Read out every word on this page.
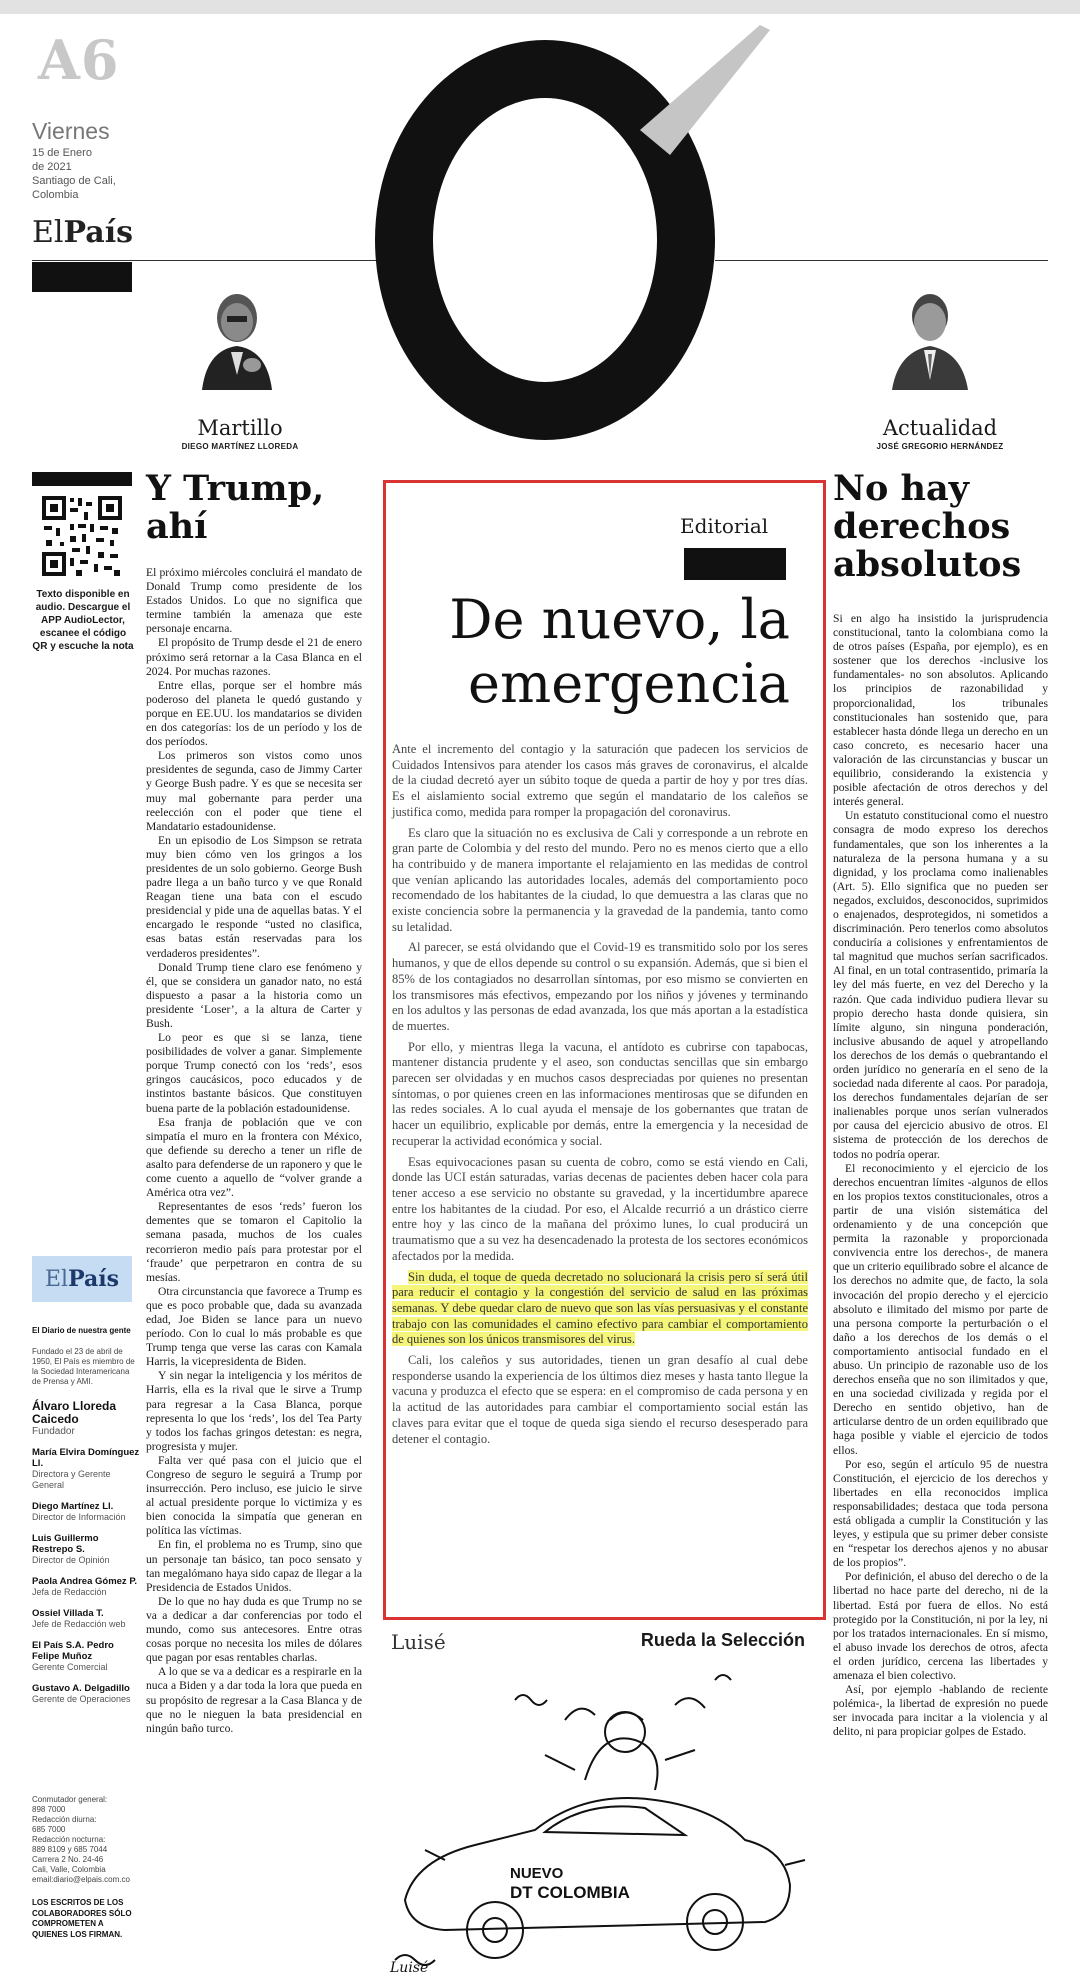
A6
Viernes
15 de Enero
de 2021
Santiago de Cali,
Colombia
ElPaís
Martillo
DIEGO MARTÍNEZ LLOREDA
Actualidad
JOSÉ GREGORIO HERNÁNDEZ
Texto disponible en audio. Descargue el APP AudioLector, escanee el código QR y escuche la nota
Y Trump,
ahí

El próximo miércoles concluirá el mandato de Donald Trump como presidente de los Estados Unidos. Lo que no significa que termine también la amenaza que este personaje encarna.

El propósito de Trump desde el 21 de enero próximo será retornar a la Casa Blanca en el 2024. Por muchas razones.

Entre ellas, porque ser el hombre más poderoso del planeta le quedó gustando y porque en EE.UU. los mandatarios se dividen en dos categorías: los de un período y los de dos períodos.

Los primeros son vistos como unos presidentes de segunda, caso de Jimmy Carter y George Bush padre. Y es que se necesita ser muy mal gobernante para perder una reelección con el poder que tiene el Mandatario estadounidense.

En un episodio de Los Simpson se retrata muy bien cómo ven los gringos a los presidentes de un solo gobierno. George Bush padre llega a un baño turco y ve que Ronald Reagan tiene una bata con el escudo presidencial y pide una de aquellas batas. Y el encargado le responde “usted no clasifica, esas batas están reservadas para los verdaderos presidentes”.

Donald Trump tiene claro ese fenómeno y él, que se considera un ganador nato, no está dispuesto a pasar a la historia como un presidente ‘Loser’, a la altura de Carter y Bush.

Lo peor es que si se lanza, tiene posibilidades de volver a ganar. Simplemente porque Trump conectó con los ‘reds’, esos gringos caucásicos, poco educados y de instintos bastante básicos. Que constituyen buena parte de la población estadounidense.

Esa franja de población que ve con simpatía el muro en la frontera con México, que defiende su derecho a tener un rifle de asalto para defenderse de un raponero y que le come cuento a aquello de “volver grande a América otra vez”.

Representantes de esos ‘reds’ fueron los dementes que se tomaron el Capitolio la semana pasada, muchos de los cuales recorrieron medio país para protestar por el ‘fraude’ que perpetraron en contra de su mesías.

Otra circunstancia que favorece a Trump es que es poco probable que, dada su avanzada edad, Joe Biden se lance para un nuevo período. Con lo cual lo más probable es que Trump tenga que verse las caras con Kamala Harris, la vicepresidenta de Biden.

Y sin negar la inteligencia y los méritos de Harris, ella es la rival que le sirve a Trump para regresar a la Casa Blanca, porque representa lo que los ‘reds’, los del Tea Party y todos los fachas gringos detestan: es negra, progresista y mujer.

Falta ver qué pasa con el juicio que el Congreso de seguro le seguirá a Trump por insurrección. Pero incluso, ese juicio le sirve al actual presidente porque lo victimiza y es bien conocida la simpatía que generan en política las víctimas.

En fin, el problema no es Trump, sino que un personaje tan básico, tan poco sensato y tan megalómano haya sido capaz de llegar a la Presidencia de Estados Unidos.

De lo que no hay duda es que Trump no se va a dedicar a dar conferencias por todo el mundo, como sus antecesores. Entre otras cosas porque no necesita los miles de dólares que pagan por esas rentables charlas.

A lo que se va a dedicar es a respirarle en la nuca a Biden y a dar toda la lora que pueda en su propósito de regresar a la Casa Blanca y de que no le nieguen la bata presidencial en ningún baño turco.

El País
El Diario de nuestra gente
Fundado el 23 de abril de 1950, El País es miembro de la Sociedad Interamericana de Prensa y AMI.
Álvaro Lloreda Caicedo
Fundador
María Elvira Domínguez Ll.
Directora y Gerente General
Diego Martínez Ll.
Director de Información
Luis Guillermo Restrepo S.
Director de Opinión
Paola Andrea Gómez P.
Jefa de Redacción
Ossiel Villada T.
Jefe de Redacción web
El País S.A. Pedro Felipe Muñoz
Gerente Comercial
Gustavo A. Delgadillo
Gerente de Operaciones
Conmutador general:
898 7000
Redacción diurna:
685 7000
Redacción nocturna:
889 8109 y 685 7044
Carrera 2 No. 24-46
Cali, Valle, Colombia
email:diario@elpais.com.co
LOS ESCRITOS DE LOS COLABORADORES SÓLO COMPROMETEN A QUIENES LOS FIRMAN.
Editorial
De nuevo, la
emergencia

Ante el incremento del contagio y la saturación que padecen los servicios de Cuidados Intensivos para atender los casos más graves de coronavirus, el alcalde de la ciudad decretó ayer un súbito toque de queda a partir de hoy y por tres días. Es el aislamiento social extremo que según el mandatario de los caleños se justifica como, medida para romper la propagación del coronavirus.

Es claro que la situación no es exclusiva de Cali y corresponde a un rebrote en gran parte de Colombia y del resto del mundo. Pero no es menos cierto que a ello ha contribuido y de manera importante el relajamiento en las medidas de control que venían aplicando las autoridades locales, además del comportamiento poco recomendado de los habitantes de la ciudad, lo que demuestra a las claras que no existe conciencia sobre la permanencia y la gravedad de la pandemia, tanto como su letalidad.

Al parecer, se está olvidando que el Covid-19 es transmitido solo por los seres humanos, y que de ellos depende su control o su expansión. Además, que si bien el 85% de los contagiados no desarrollan síntomas, por eso mismo se convierten en los transmisores más efectivos, empezando por los niños y jóvenes y terminando en los adultos y las personas de edad avanzada, los que más aportan a la estadística de muertes.

Por ello, y mientras llega la vacuna, el antídoto es cubrirse con tapabocas, mantener distancia prudente y el aseo, son conductas sencillas que sin embargo parecen ser olvidadas y en muchos casos despreciadas por quienes no presentan síntomas, o por quienes creen en las informaciones mentirosas que se difunden en las redes sociales. A lo cual ayuda el mensaje de los gobernantes que tratan de hacer un equilibrio, explicable por demás, entre la emergencia y la necesidad de recuperar la actividad económica y social.

Esas equivocaciones pasan su cuenta de cobro, como se está viendo en Cali, donde las UCI están saturadas, varias decenas de pacientes deben hacer cola para tener acceso a ese servicio no obstante su gravedad, y la incertidumbre aparece entre los habitantes de la ciudad. Por eso, el Alcalde recurrió a un drástico cierre entre hoy y las cinco de la mañana del próximo lunes, lo cual producirá un traumatismo que a su vez ha desencadenado la protesta de los sectores económicos afectados por la medida.

Sin duda, el toque de queda decretado no solucionará la crisis pero sí será útil para reducir el contagio y la congestión del servicio de salud en las próximas semanas. Y debe quedar claro de nuevo que son las vías persuasivas y el constante trabajo con las comunidades el camino efectivo para cambiar el comportamiento de quienes son los únicos transmisores del virus.

Cali, los caleños y sus autoridades, tienen un gran desafío al cual debe responderse usando la experiencia de los últimos diez meses y hasta tanto llegue la vacuna y produzca el efecto que se espera: en el compromiso de cada persona y en la actitud de las autoridades para cambiar el comportamiento social están las claves para evitar que el toque de queda siga siendo el recurso desesperado para detener el contagio.

Luisé	Rueda la Selección
NUEVO
DT COLOMBIA
Luisé
No hay
derechos
absolutos

Si en algo ha insistido la jurisprudencia constitucional, tanto la colombiana como la de otros países (España, por ejemplo), es en sostener que los derechos -inclusive los fundamentales- no son absolutos. Aplicando los principios de razonabilidad y proporcionalidad, los tribunales constitucionales han sostenido que, para establecer hasta dónde llega un derecho en un caso concreto, es necesario hacer una valoración de las circunstancias y buscar un equilibrio, considerando la existencia y posible afectación de otros derechos y del interés general.

Un estatuto constitucional como el nuestro consagra de modo expreso los derechos fundamentales, que son los inherentes a la naturaleza de la persona humana y a su dignidad, y los proclama como inalienables (Art. 5). Ello significa que no pueden ser negados, excluidos, desconocidos, suprimidos o enajenados, desprotegidos, ni sometidos a discriminación. Pero tenerlos como absolutos conduciría a colisiones y enfrentamientos de tal magnitud que muchos serían sacrificados. Al final, en un total contrasentido, primaría la ley del más fuerte, en vez del Derecho y la razón. Que cada individuo pudiera llevar su propio derecho hasta donde quisiera, sin límite alguno, sin ninguna ponderación, inclusive abusando de aquel y atropellando los derechos de los demás o quebrantando el orden jurídico no generaría en el seno de la sociedad nada diferente al caos. Por paradoja, los derechos fundamentales dejarían de ser inalienables porque unos serían vulnerados por causa del ejercicio abusivo de otros. El sistema de protección de los derechos de todos no podría operar.

El reconocimiento y el ejercicio de los derechos encuentran límites -algunos de ellos en los propios textos constitucionales, otros a partir de una visión sistemática del ordenamiento y de una concepción que permita la razonable y proporcionada convivencia entre los derechos-, de manera que un criterio equilibrado sobre el alcance de los derechos no admite que, de facto, la sola invocación del propio derecho y el ejercicio absoluto e ilimitado del mismo por parte de una persona comporte la perturbación o el daño a los derechos de los demás o el comportamiento antisocial fundado en el abuso. Un principio de razonable uso de los derechos enseña que no son ilimitados y que, en una sociedad civilizada y regida por el Derecho en sentido objetivo, han de articularse dentro de un orden equilibrado que haga posible y viable el ejercicio de todos ellos.

Por eso, según el artículo 95 de nuestra Constitución, el ejercicio de los derechos y libertades en ella reconocidos implica responsabilidades; destaca que toda persona está obligada a cumplir la Constitución y las leyes, y estipula que su primer deber consiste en “respetar los derechos ajenos y no abusar de los propios”.

Por definición, el abuso del derecho o de la libertad no hace parte del derecho, ni de la libertad. Está por fuera de ellos. No está protegido por la Constitución, ni por la ley, ni por los tratados internacionales. En sí mismo, el abuso invade los derechos de otros, afecta el orden jurídico, cercena las libertades y amenaza el bien colectivo.

Así, por ejemplo -hablando de reciente polémica-, la libertad de expresión no puede ser invocada para incitar a la violencia y al delito, ni para propiciar golpes de Estado.
